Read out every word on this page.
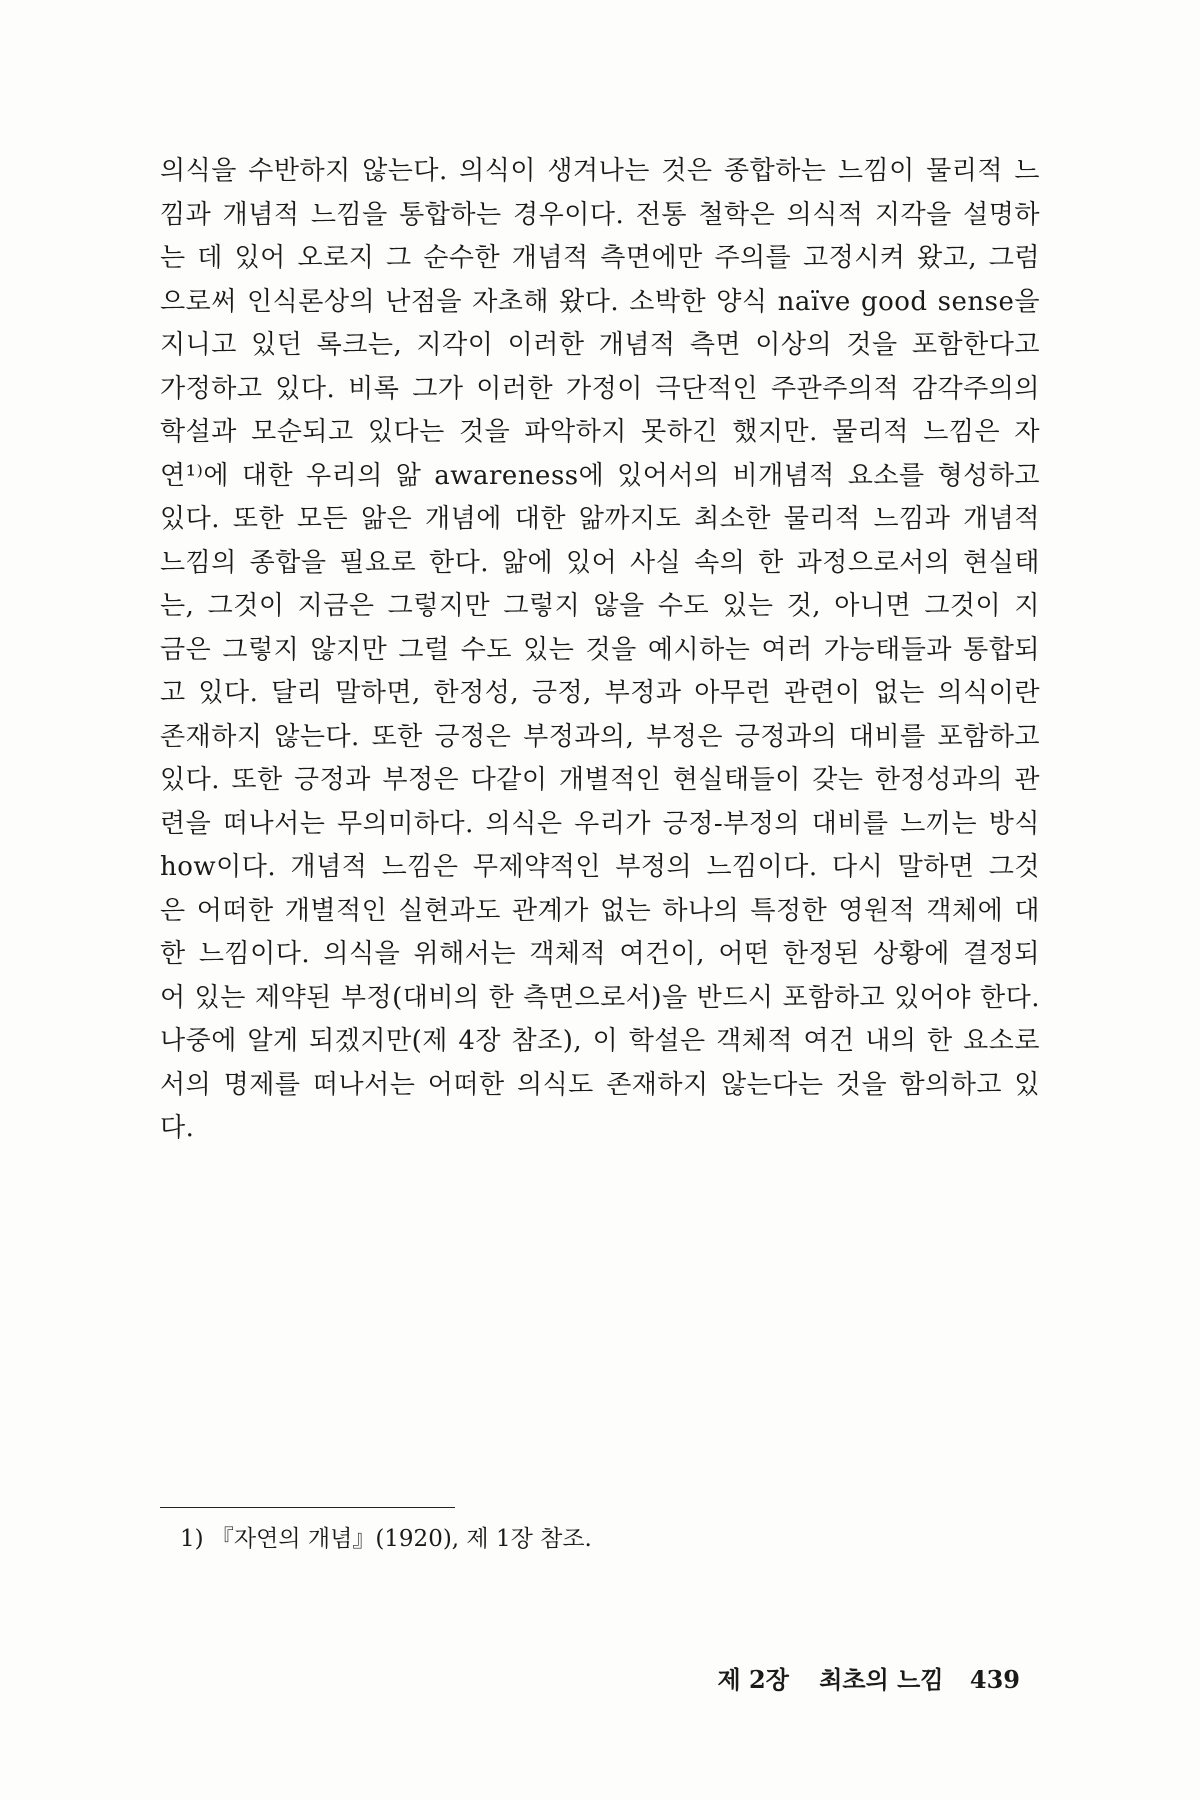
의식을 수반하지 않는다. 의식이 생겨나는 것은 종합하는 느낌이 물리적 느
낌과 개념적 느낌을 통합하는 경우이다. 전통 철학은 의식적 지각을 설명하
는 데 있어 오로지 그 순수한 개념적 측면에만 주의를 고정시켜 왔고, 그럼
으로써 인식론상의 난점을 자초해 왔다. 소박한 양식 naïve good sense을
지니고 있던 록크는, 지각이 이러한 개념적 측면 이상의 것을 포함한다고
가정하고 있다. 비록 그가 이러한 가정이 극단적인 주관주의적 감각주의의
학설과 모순되고 있다는 것을 파악하지 못하긴 했지만. 물리적 느낌은 자
연¹⁾에 대한 우리의 앎 awareness에 있어서의 비개념적 요소를 형성하고
있다. 또한 모든 앎은 개념에 대한 앎까지도 최소한 물리적 느낌과 개념적
느낌의 종합을 필요로 한다. 앎에 있어 사실 속의 한 과정으로서의 현실태
는, 그것이 지금은 그렇지만 그렇지 않을 수도 있는 것, 아니면 그것이 지
금은 그렇지 않지만 그럴 수도 있는 것을 예시하는 여러 가능태들과 통합되
고 있다. 달리 말하면, 한정성, 긍정, 부정과 아무런 관련이 없는 의식이란
존재하지 않는다. 또한 긍정은 부정과의, 부정은 긍정과의 대비를 포함하고
있다. 또한 긍정과 부정은 다같이 개별적인 현실태들이 갖는 한정성과의 관
련을 떠나서는 무의미하다. 의식은 우리가 긍정-부정의 대비를 느끼는 방식
how이다. 개념적 느낌은 무제약적인 부정의 느낌이다. 다시 말하면 그것
은 어떠한 개별적인 실현과도 관계가 없는 하나의 특정한 영원적 객체에 대
한 느낌이다. 의식을 위해서는 객체적 여건이, 어떤 한정된 상황에 결정되
어 있는 제약된 부정(대비의 한 측면으로서)을 반드시 포함하고 있어야 한다.
나중에 알게 되겠지만(제 4장 참조), 이 학설은 객체적 여건 내의 한 요소로
서의 명제를 떠나서는 어떠한 의식도 존재하지 않는다는 것을 함의하고 있
다.
1) 『자연의 개념』(1920), 제 1장 참조.
제 2장 최초의 느낌 439
